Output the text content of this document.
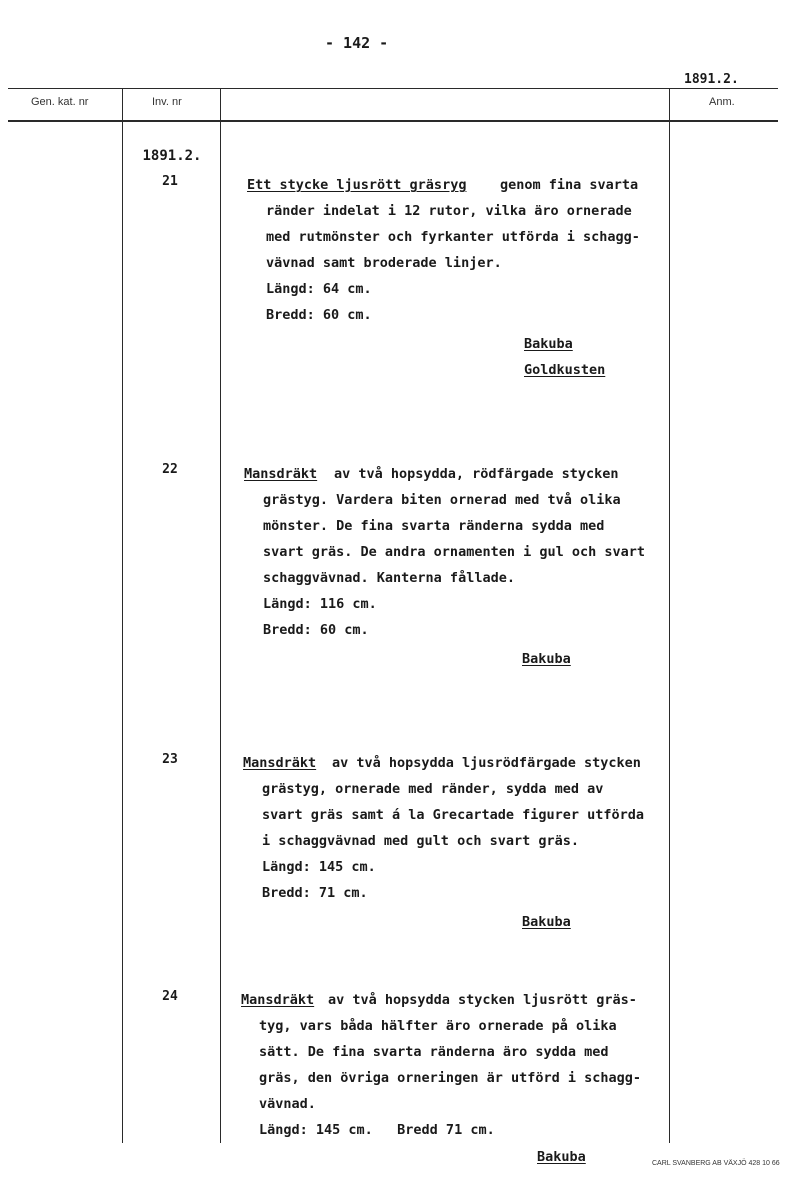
- 142 -
1891.2.
Gen. kat. nr	Inv. nr	Anm.
1891.2.
21	Ett stycke ljusrött gräsryg genom fina svarta
ränder indelat i 12 rutor, vilka äro ornerade
med rutmönster och fyrkanter utförda i schagg-
vävnad samt broderade linjer.
Längd: 64 cm.
Bredd: 60 cm.
Bakuba
Goldkusten
22	Mansdräkt av två hopsydda, rödfärgade stycken
grästyg. Vardera biten ornerad med två olika
mönster. De fina svarta ränderna sydda med
svart gräs. De andra ornamenten i gul och svart
schaggvävnad. Kanterna fållade.
Längd: 116 cm.
Bredd: 60 cm.
Bakuba
23	Mansdräkt av två hopsydda ljusrödfärgade stycken
grästyg, ornerade med ränder, sydda med av
svart gräs samt á la Grecartade figurer utförda
i schaggvävnad med gult och svart gräs.
Längd: 145 cm.
Bredd: 71 cm.
Bakuba
24	Mansdräkt av två hopsydda stycken ljusrött gräs-
tyg, vars båda hälfter äro ornerade på olika
sätt. De fina svarta ränderna äro sydda med
gräs, den övriga orneringen är utförd i schagg-
vävnad.
Längd: 145 cm.   Bredd 71 cm.
Bakuba	CARL SVANBERG AB VÄXJÖ 428 10 66
